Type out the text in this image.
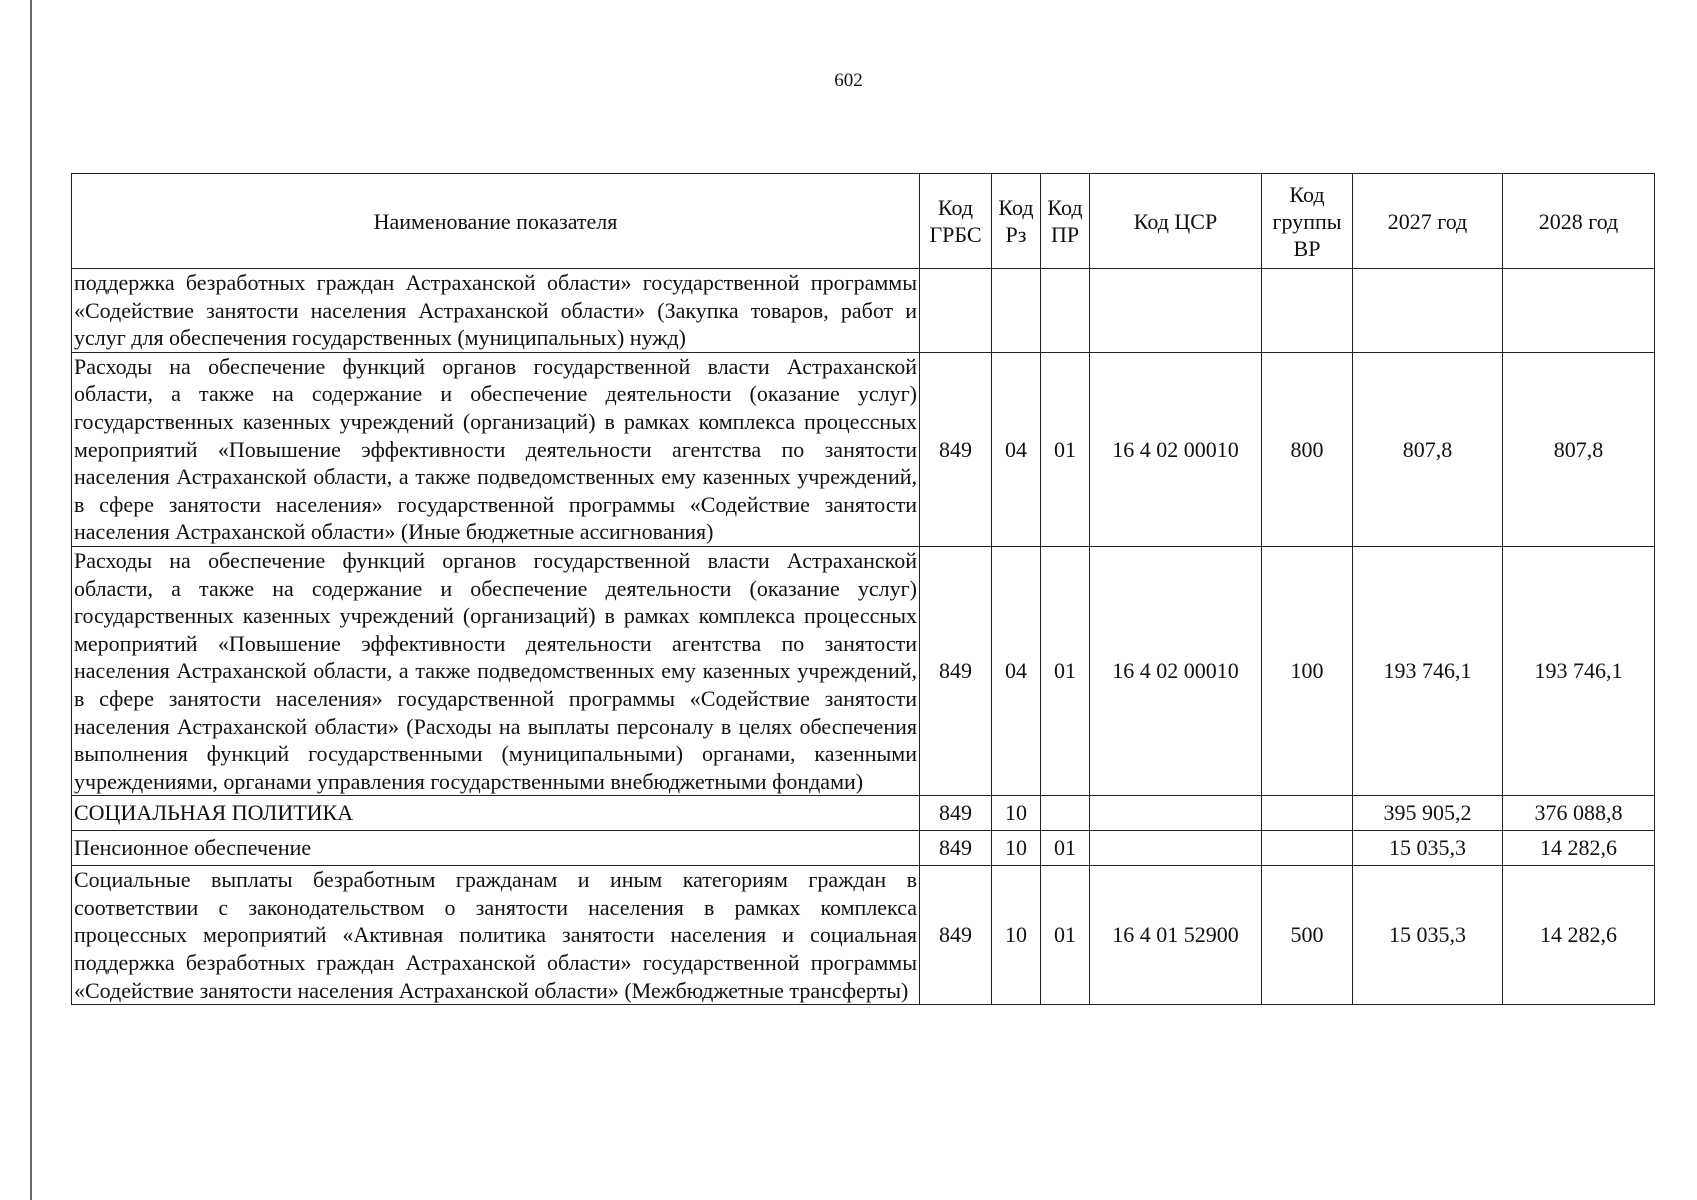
602
Наименование показателя	Код ГРБС	Код Рз	Код ПР	Код ЦСР	Код группы ВР	2027 год	2028 год
поддержка безработных граждан Астраханской области» государственной программы «Содействие занятости населения Астраханской области» (Закупка товаров, работ и услуг для обеспечения государственных (муниципальных) нужд)							
Расходы на обеспечение функций органов государственной власти Астраханской области, а также на содержание и обеспечение деятельности (оказание услуг) государственных казенных учреждений (организаций) в рамках комплекса процессных мероприятий «Повышение эффективности деятельности агентства по занятости населения Астраханской области, а также подведомственных ему казенных учреждений, в сфере занятости населения» государственной программы «Содействие занятости населения Астраханской области» (Иные бюджетные ассигнования)	849	04	01	16 4 02 00010	800	807,8	807,8
Расходы на обеспечение функций органов государственной власти Астраханской области, а также на содержание и обеспечение деятельности (оказание услуг) государственных казенных учреждений (организаций) в рамках комплекса процессных мероприятий «Повышение эффективности деятельности агентства по занятости населения Астраханской области, а также подведомственных ему казенных учреждений, в сфере занятости населения» государственной программы «Содействие занятости населения Астраханской области» (Расходы на выплаты персоналу в целях обеспечения выполнения функций государственными (муниципальными) органами, казенными учреждениями, органами управления государственными внебюджетными фондами)	849	04	01	16 4 02 00010	100	193 746,1	193 746,1
СОЦИАЛЬНАЯ ПОЛИТИКА	849	10				395 905,2	376 088,8
Пенсионное обеспечение	849	10	01			15 035,3	14 282,6
Социальные выплаты безработным гражданам и иным категориям граждан в соответствии с законодательством о занятости населения в рамках комплекса процессных мероприятий «Активная политика занятости населения и социальная поддержка безработных граждан Астраханской области» государственной программы «Содействие занятости населения Астраханской области» (Межбюджетные трансферты)	849	10	01	16 4 01 52900	500	15 035,3	14 282,6
